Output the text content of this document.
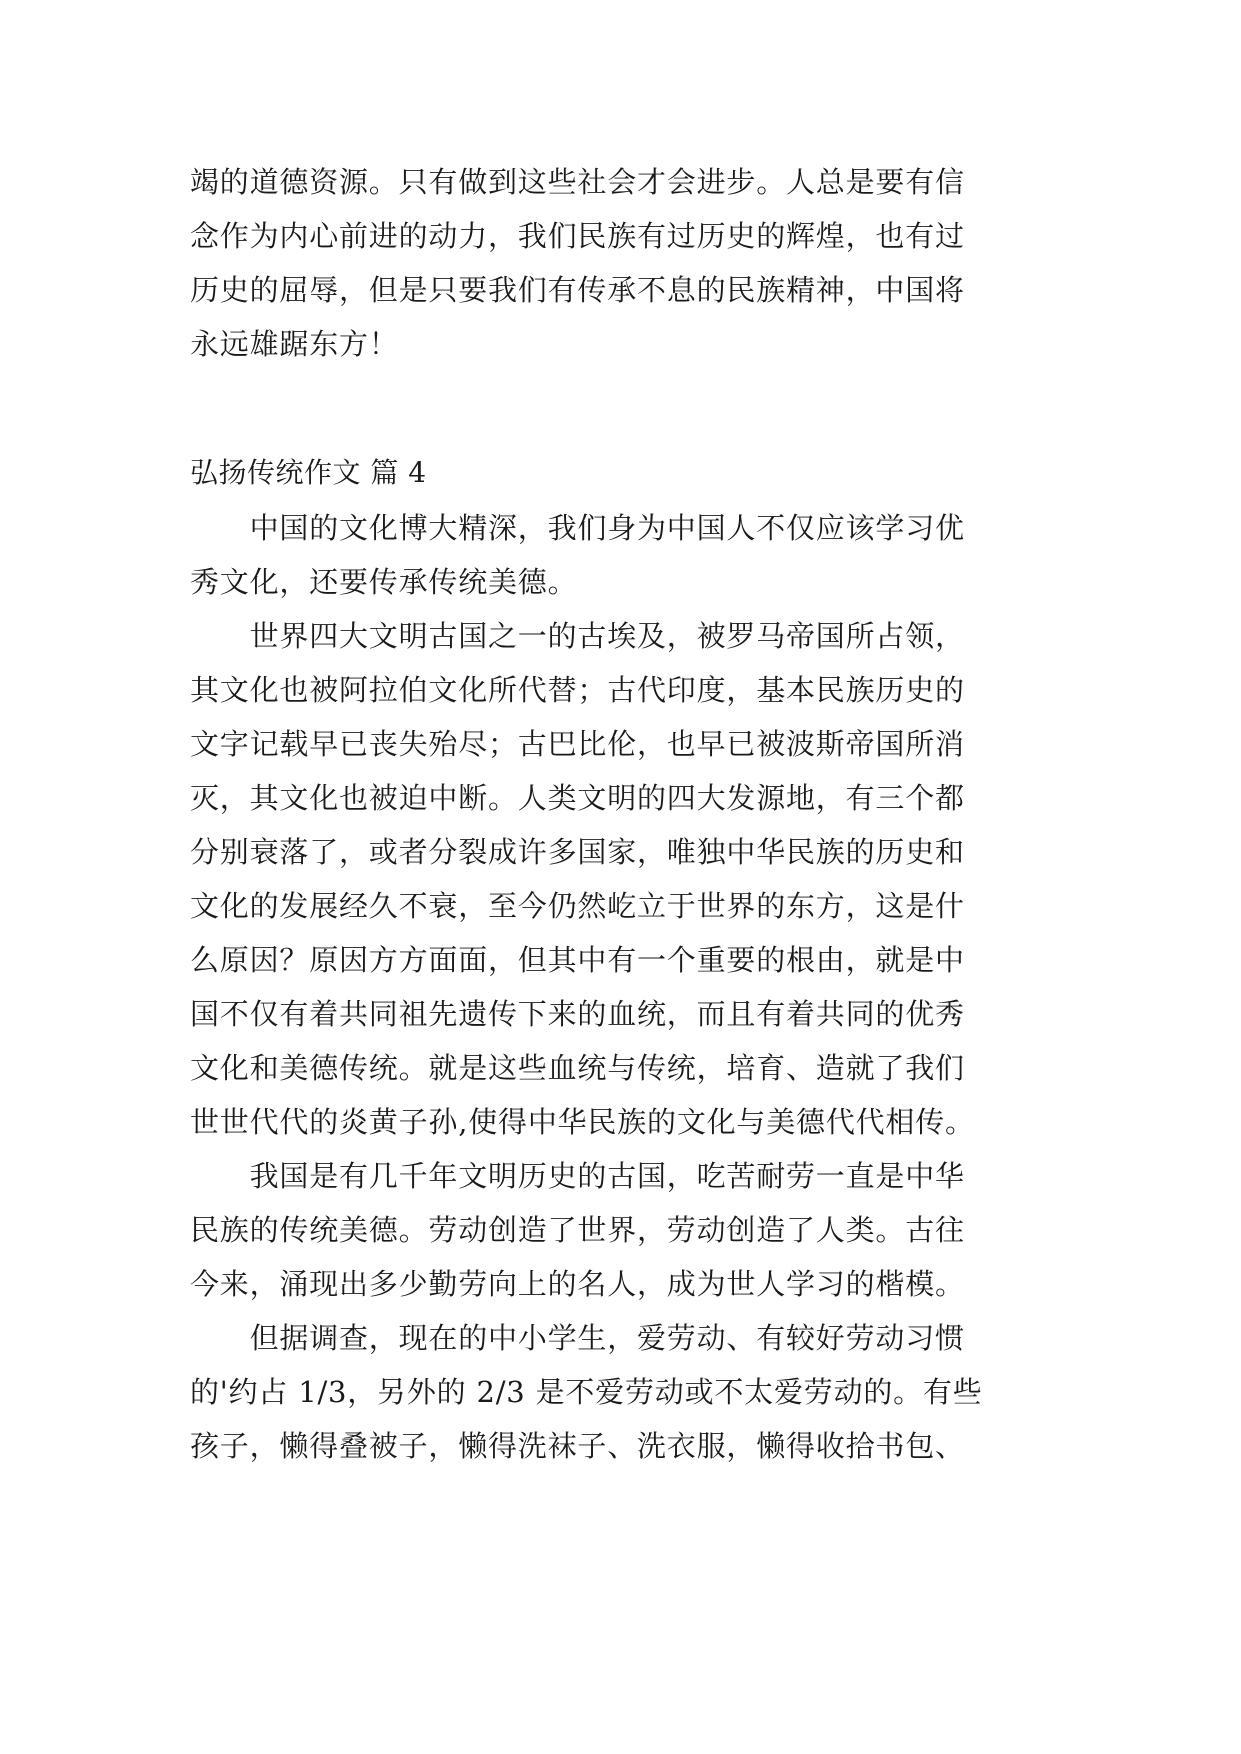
竭的道德资源。只有做到这些社会才会进步。人总是要有信
念作为内心前进的动力，我们民族有过历史的辉煌，也有过
历史的屈辱，但是只要我们有传承不息的民族精神，中国将
永远雄踞东方！
弘扬传统作文 篇 4
　　中国的文化博大精深，我们身为中国人不仅应该学习优
秀文化，还要传承传统美德。
　　世界四大文明古国之一的古埃及，被罗马帝国所占领，
其文化也被阿拉伯文化所代替；古代印度，基本民族历史的
文字记载早已丧失殆尽；古巴比伦，也早已被波斯帝国所消
灭，其文化也被迫中断。人类文明的四大发源地，有三个都
分别衰落了，或者分裂成许多国家，唯独中华民族的历史和
文化的发展经久不衰，至今仍然屹立于世界的东方，这是什
么原因？原因方方面面，但其中有一个重要的根由，就是中
国不仅有着共同祖先遗传下来的血统，而且有着共同的优秀
文化和美德传统。就是这些血统与传统，培育、造就了我们
世世代代的炎黄子孙,使得中华民族的文化与美德代代相传。
　　我国是有几千年文明历史的古国，吃苦耐劳一直是中华
民族的传统美德。劳动创造了世界，劳动创造了人类。古往
今来，涌现出多少勤劳向上的名人，成为世人学习的楷模。
　　但据调查，现在的中小学生，爱劳动、有较好劳动习惯
的'约占 1/3，另外的 2/3 是不爱劳动或不太爱劳动的。有些
孩子，懒得叠被子，懒得洗袜子、洗衣服，懒得收拾书包、
